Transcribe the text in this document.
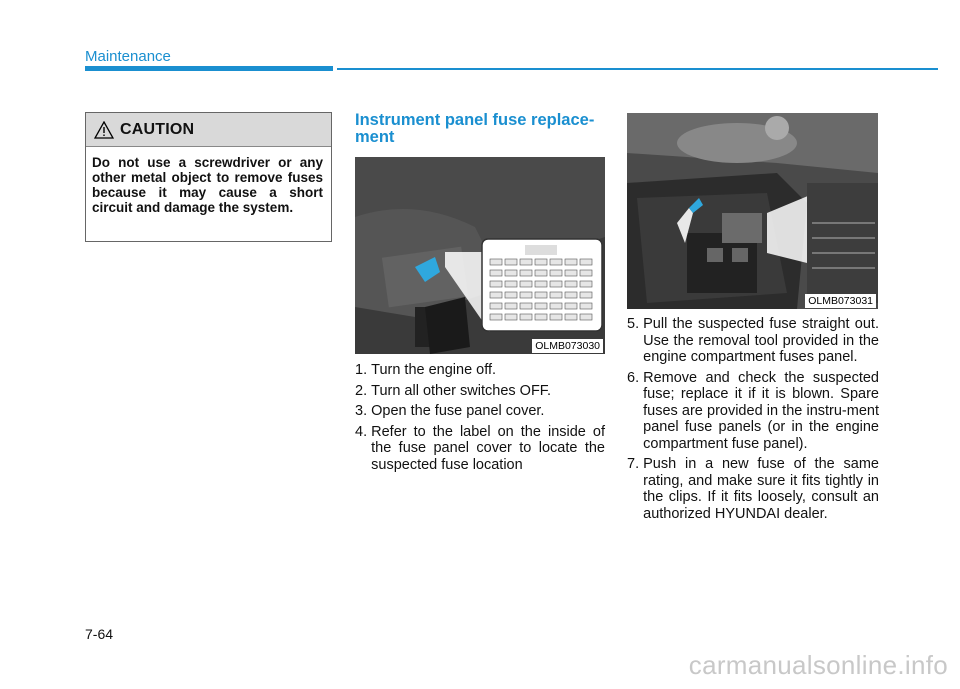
Maintenance
CAUTION
Do not use a screwdriver or any other metal object to remove fuses because it may cause a short circuit and damage the system.
Instrument panel fuse replace-ment
OLMB073030
OLMB073031
1. Turn the engine off.
2. Turn all other switches OFF.
3. Open the fuse panel cover.
4. Refer to the label on the inside of the fuse panel cover to locate the suspected fuse location
5. Pull the suspected fuse straight out. Use the removal tool provided in the engine compartment fuses panel.
6. Remove and check the suspected fuse; replace it if it is blown. Spare fuses are provided in the instru-ment panel fuse panels (or in the engine compartment fuse panel).
7. Push in a new fuse of the same rating, and make sure it fits tightly in the clips. If it fits loosely, consult an authorized HYUNDAI dealer.
7-64
carmanualsonline.info
